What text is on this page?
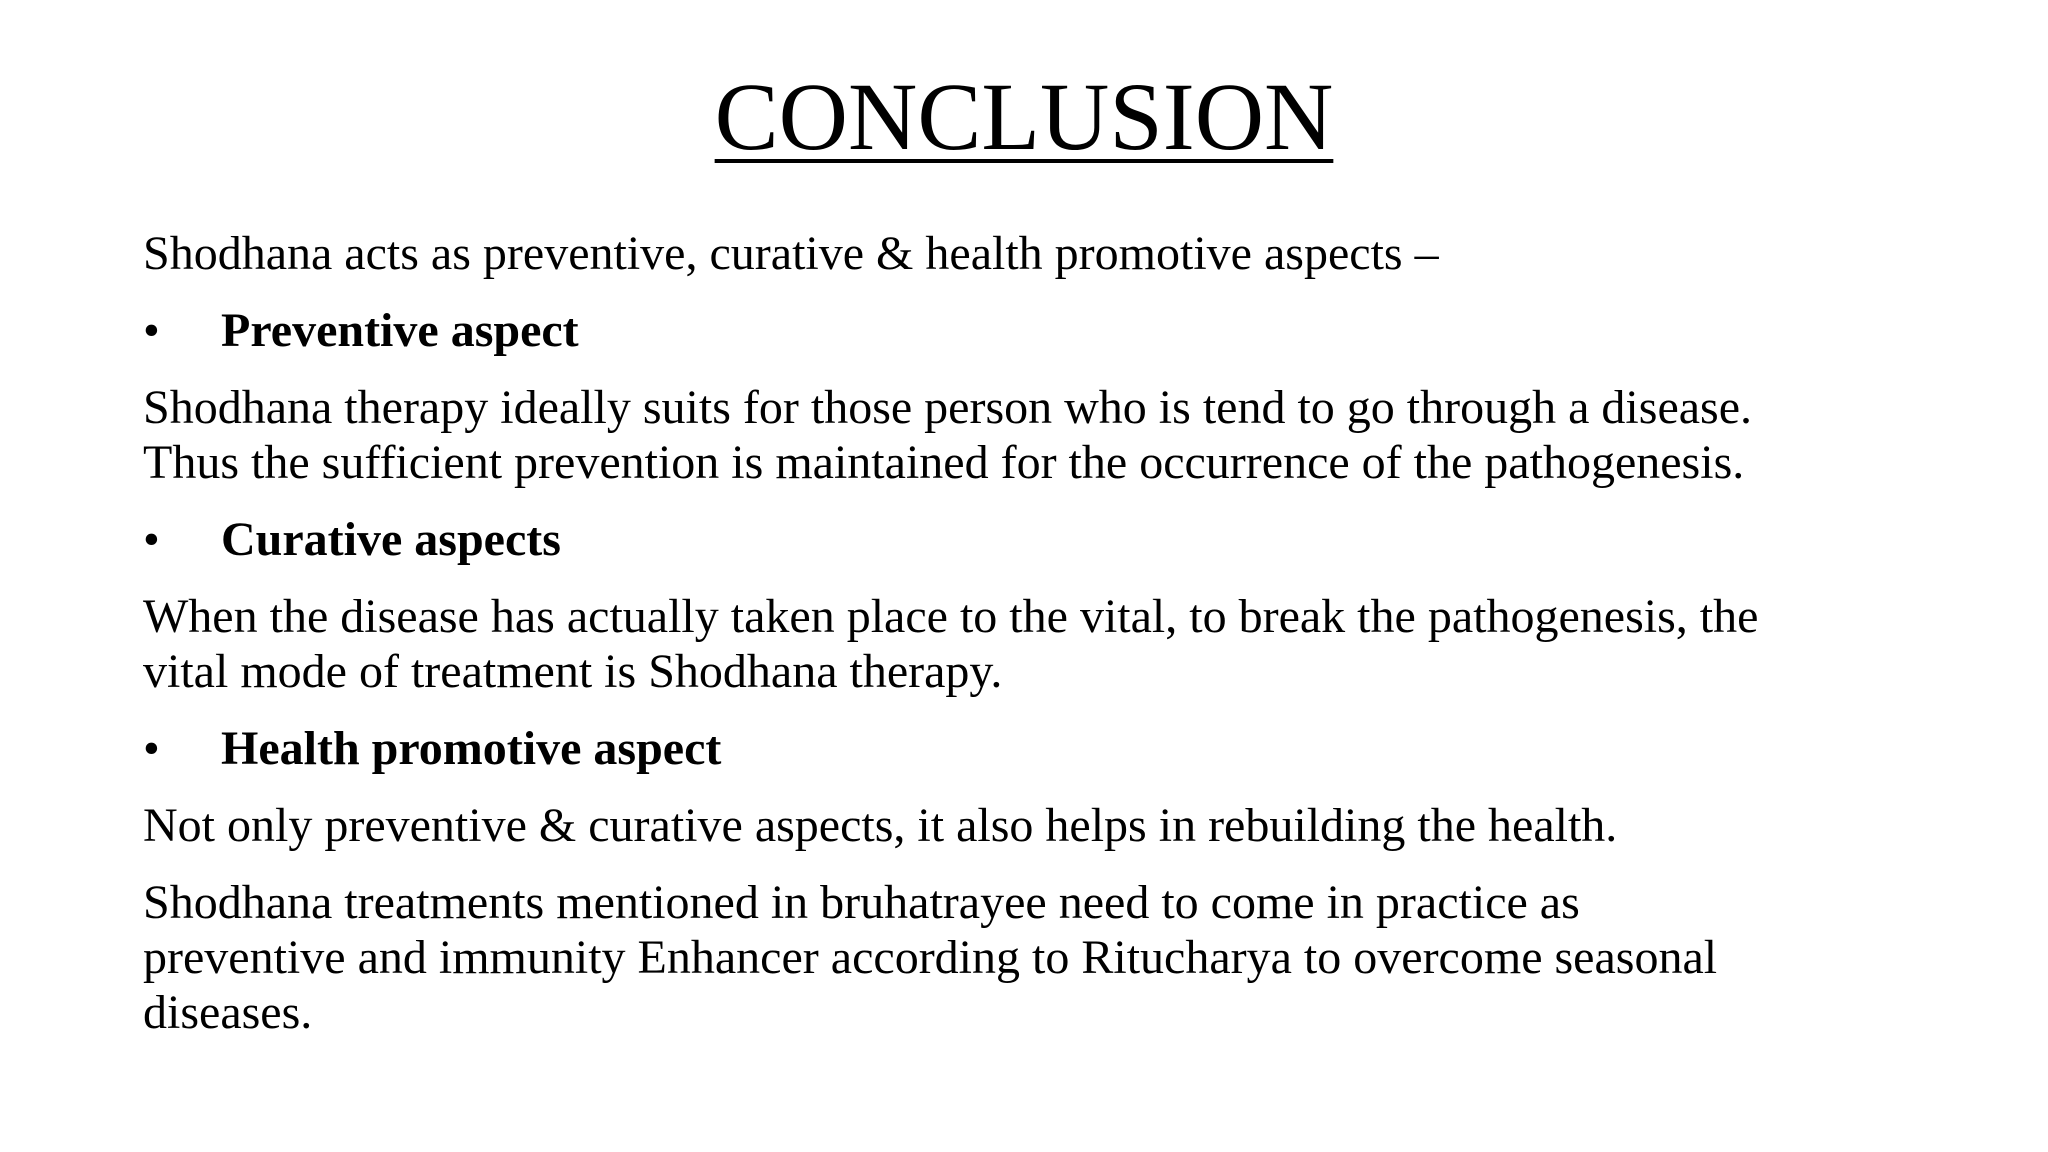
CONCLUSION

Shodhana acts as preventive, curative & health promotive aspects –

•	Preventive aspect

Shodhana therapy ideally suits for those person who is tend to go through a disease.
Thus the sufficient prevention is maintained for the occurrence of the pathogenesis.

•	Curative aspects

When the disease has actually taken place to the vital, to break the pathogenesis, the
vital mode of treatment is Shodhana therapy.

•	Health promotive aspect

Not only preventive & curative aspects, it also helps in rebuilding the health.

Shodhana treatments mentioned in bruhatrayee need to come in practice as
preventive and immunity Enhancer according to Ritucharya to overcome seasonal
diseases.
